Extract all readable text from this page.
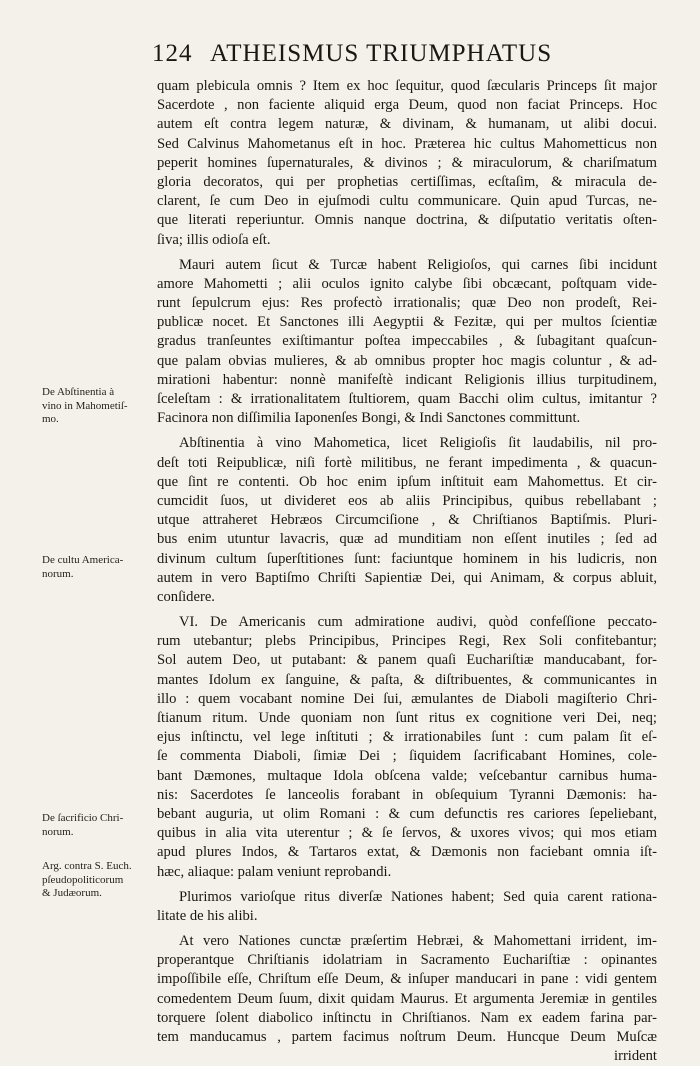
124 ATHEISMUS TRIUMPHATUS
quam plebicula omnis ? Item ex hoc ſequitur, quod ſæcularis Princeps ſit major
Sacerdote , non faciente aliquid erga Deum, quod non faciat Princeps. Hoc
autem eſt contra legem naturæ, & divinam, & humanam, ut alibi docui.
Sed Calvinus Mahometanus eſt in hoc. Præterea hic cultus Mahometticus non
peperit homines ſupernaturales, & divinos ; & miraculorum, & chariſmatum
gloria decoratos, qui per prophetias certiſſimas, ecſtaſim, & miracula de-
clarent, ſe cum Deo in ejuſmodi cultu communicare. Quin apud Turcas, ne-
que literati reperiuntur. Omnis nanque doctrina, & diſputatio veritatis oſten-
ſiva; illis odioſa eſt.
Mauri autem ſicut & Turcæ habent Religioſos, qui carnes ſibi incidunt
amore Mahometti ; alii oculos ignito calybe ſibi obcæcant, poſtquam vide-
runt ſepulcrum ejus: Res profectò irrationalis; quæ Deo non prodeſt, Rei-
publicæ nocet. Et Sanctones illi Aegyptii & Fezitæ, qui per multos ſcientiæ
gradus tranſeuntes exiſtimantur poſtea impeccabiles , & ſubagitant quaſcun-
que palam obvias mulieres, & ab omnibus propter hoc magis coluntur , & ad-
mirationi habentur: nonnè manifeſtè indicant Religionis illius turpitudinem,
ſceleſtam : & irrationalitatem ſtultiorem, quam Bacchi olim cultus, imitantur ?
Facinora non diſſimilia Iaponenſes Bongi, & Indi Sanctones committunt.
Abſtinentia à vino Mahometica, licet Religioſis ſit laudabilis, nil pro-
deſt toti Reipublicæ, niſi fortè militibus, ne ferant impedimenta , & quacun-
que ſint re contenti. Ob hoc enim ipſum inſtituit eam Mahomettus. Et cir-
cumcidit ſuos, ut divideret eos ab aliis Principibus, quibus rebellabant ;
utque attraheret Hebræos Circumciſione , & Chriſtianos Baptiſmis. Pluri-
bus enim utuntur lavacris, quæ ad munditiam non eſſent inutiles ; ſed ad
divinum cultum ſuperſtitiones ſunt: faciuntque hominem in his ludicris, non
autem in vero Baptiſmo Chriſti Sapientiæ Dei, qui Animam, & corpus abluit,
conſidere.
VI. De Americanis cum admiratione audivi, quòd confeſſione peccato-
rum utebantur; plebs Principibus, Principes Regi, Rex Soli confitebantur;
Sol autem Deo, ut putabant: & panem quaſi Euchariſtiæ manducabant, for-
mantes Idolum ex ſanguine, & paſta, & diſtribuentes, & communicantes in
illo : quem vocabant nomine Dei ſui, æmulantes de Diaboli magiſterio Chri-
ſtianum ritum. Unde quoniam non ſunt ritus ex cognitione veri Dei, neq;
ejus inſtinctu, vel lege inſtituti ; & irrationabiles ſunt : cum palam ſit eſ-
ſe commenta Diaboli, ſimiæ Dei ; ſiquidem ſacrificabant Homines, cole-
bant Dæmones, multaque Idola obſcena valde; veſcebantur carnibus huma-
nis: Sacerdotes ſe lanceolis forabant in obſequium Tyranni Dæmonis: ha-
bebant auguria, ut olim Romani : & cum defunctis res cariores ſepeliebant,
quibus in alia vita uterentur ; & ſe ſervos, & uxores vivos; qui mos etiam
apud plures Indos, & Tartaros extat, & Dæmonis non faciebant omnia iſt-
hæc, aliaque: palam veniunt reprobandi.
Plurimos varioſque ritus diverſæ Nationes habent; Sed quia carent rationa-
litate de his alibi.
At vero Nationes cunctæ præſertim Hebræi, & Mahomettani irrident, im-
properantque Chriſtianis idolatriam in Sacramento Euchariſtiæ : opinantes
impoſſibile eſſe, Chriſtum eſſe Deum, & inſuper manducari in pane : vidi gentem
comedentem Deum ſuum, dixit quidam Maurus. Et argumenta Jeremiæ in gentiles
torquere ſolent diabolico inſtinctu in Chriſtianos. Nam ex eadem farina par-
tem manducamus , partem facimus noſtrum Deum. Huncque Deum Muſcæ
irrident
De Abſtinentia à
vino in Mahometiſ-
mo.
De cultu America-
norum.
De ſacrificio Chri-
norum.
Arg. contra S. Euch.
pſeudopoliticorum
& Judæorum.
